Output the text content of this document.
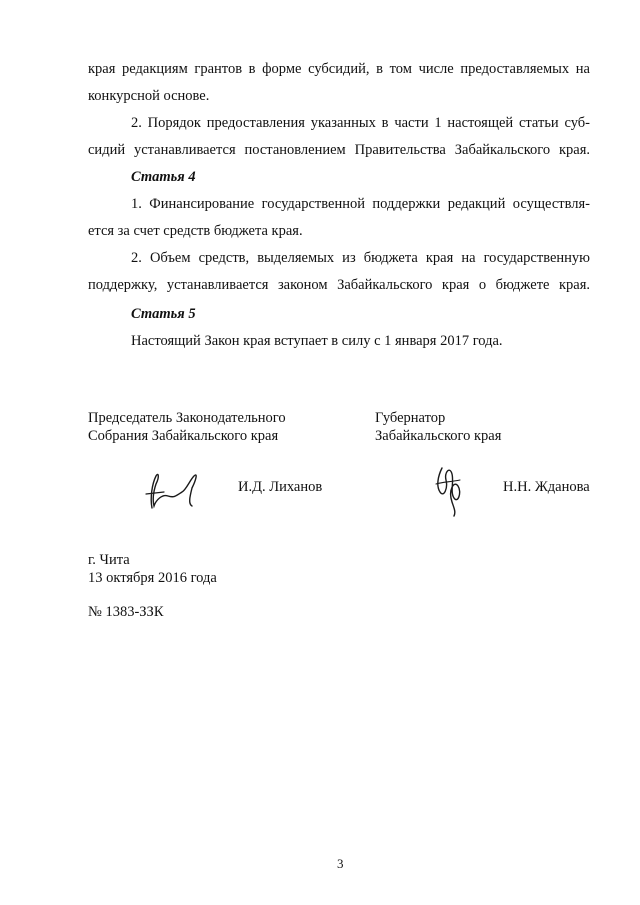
края редакциям грантов в форме субсидий, в том числе предоставляемых на
конкурсной основе.
2. Порядок предоставления указанных в части 1 настоящей статьи суб-
сидий устанавливается постановлением Правительства Забайкальского края.
Статья 4
1. Финансирование государственной поддержки редакций осуществля-
ется за счет средств бюджета края.
2. Объем средств, выделяемых из бюджета края на государственную
поддержку, устанавливается законом Забайкальского края о бюджете края.
Статья 5
Настоящий Закон края вступает в силу с 1 января 2017 года.
Председатель Законодательного
Собрания Забайкальского края
Губернатор
Забайкальского края
И.Д. Лиханов	Н.Н. Жданова
г. Чита
13 октября 2016 года
№ 1383-ЗЗК
3
